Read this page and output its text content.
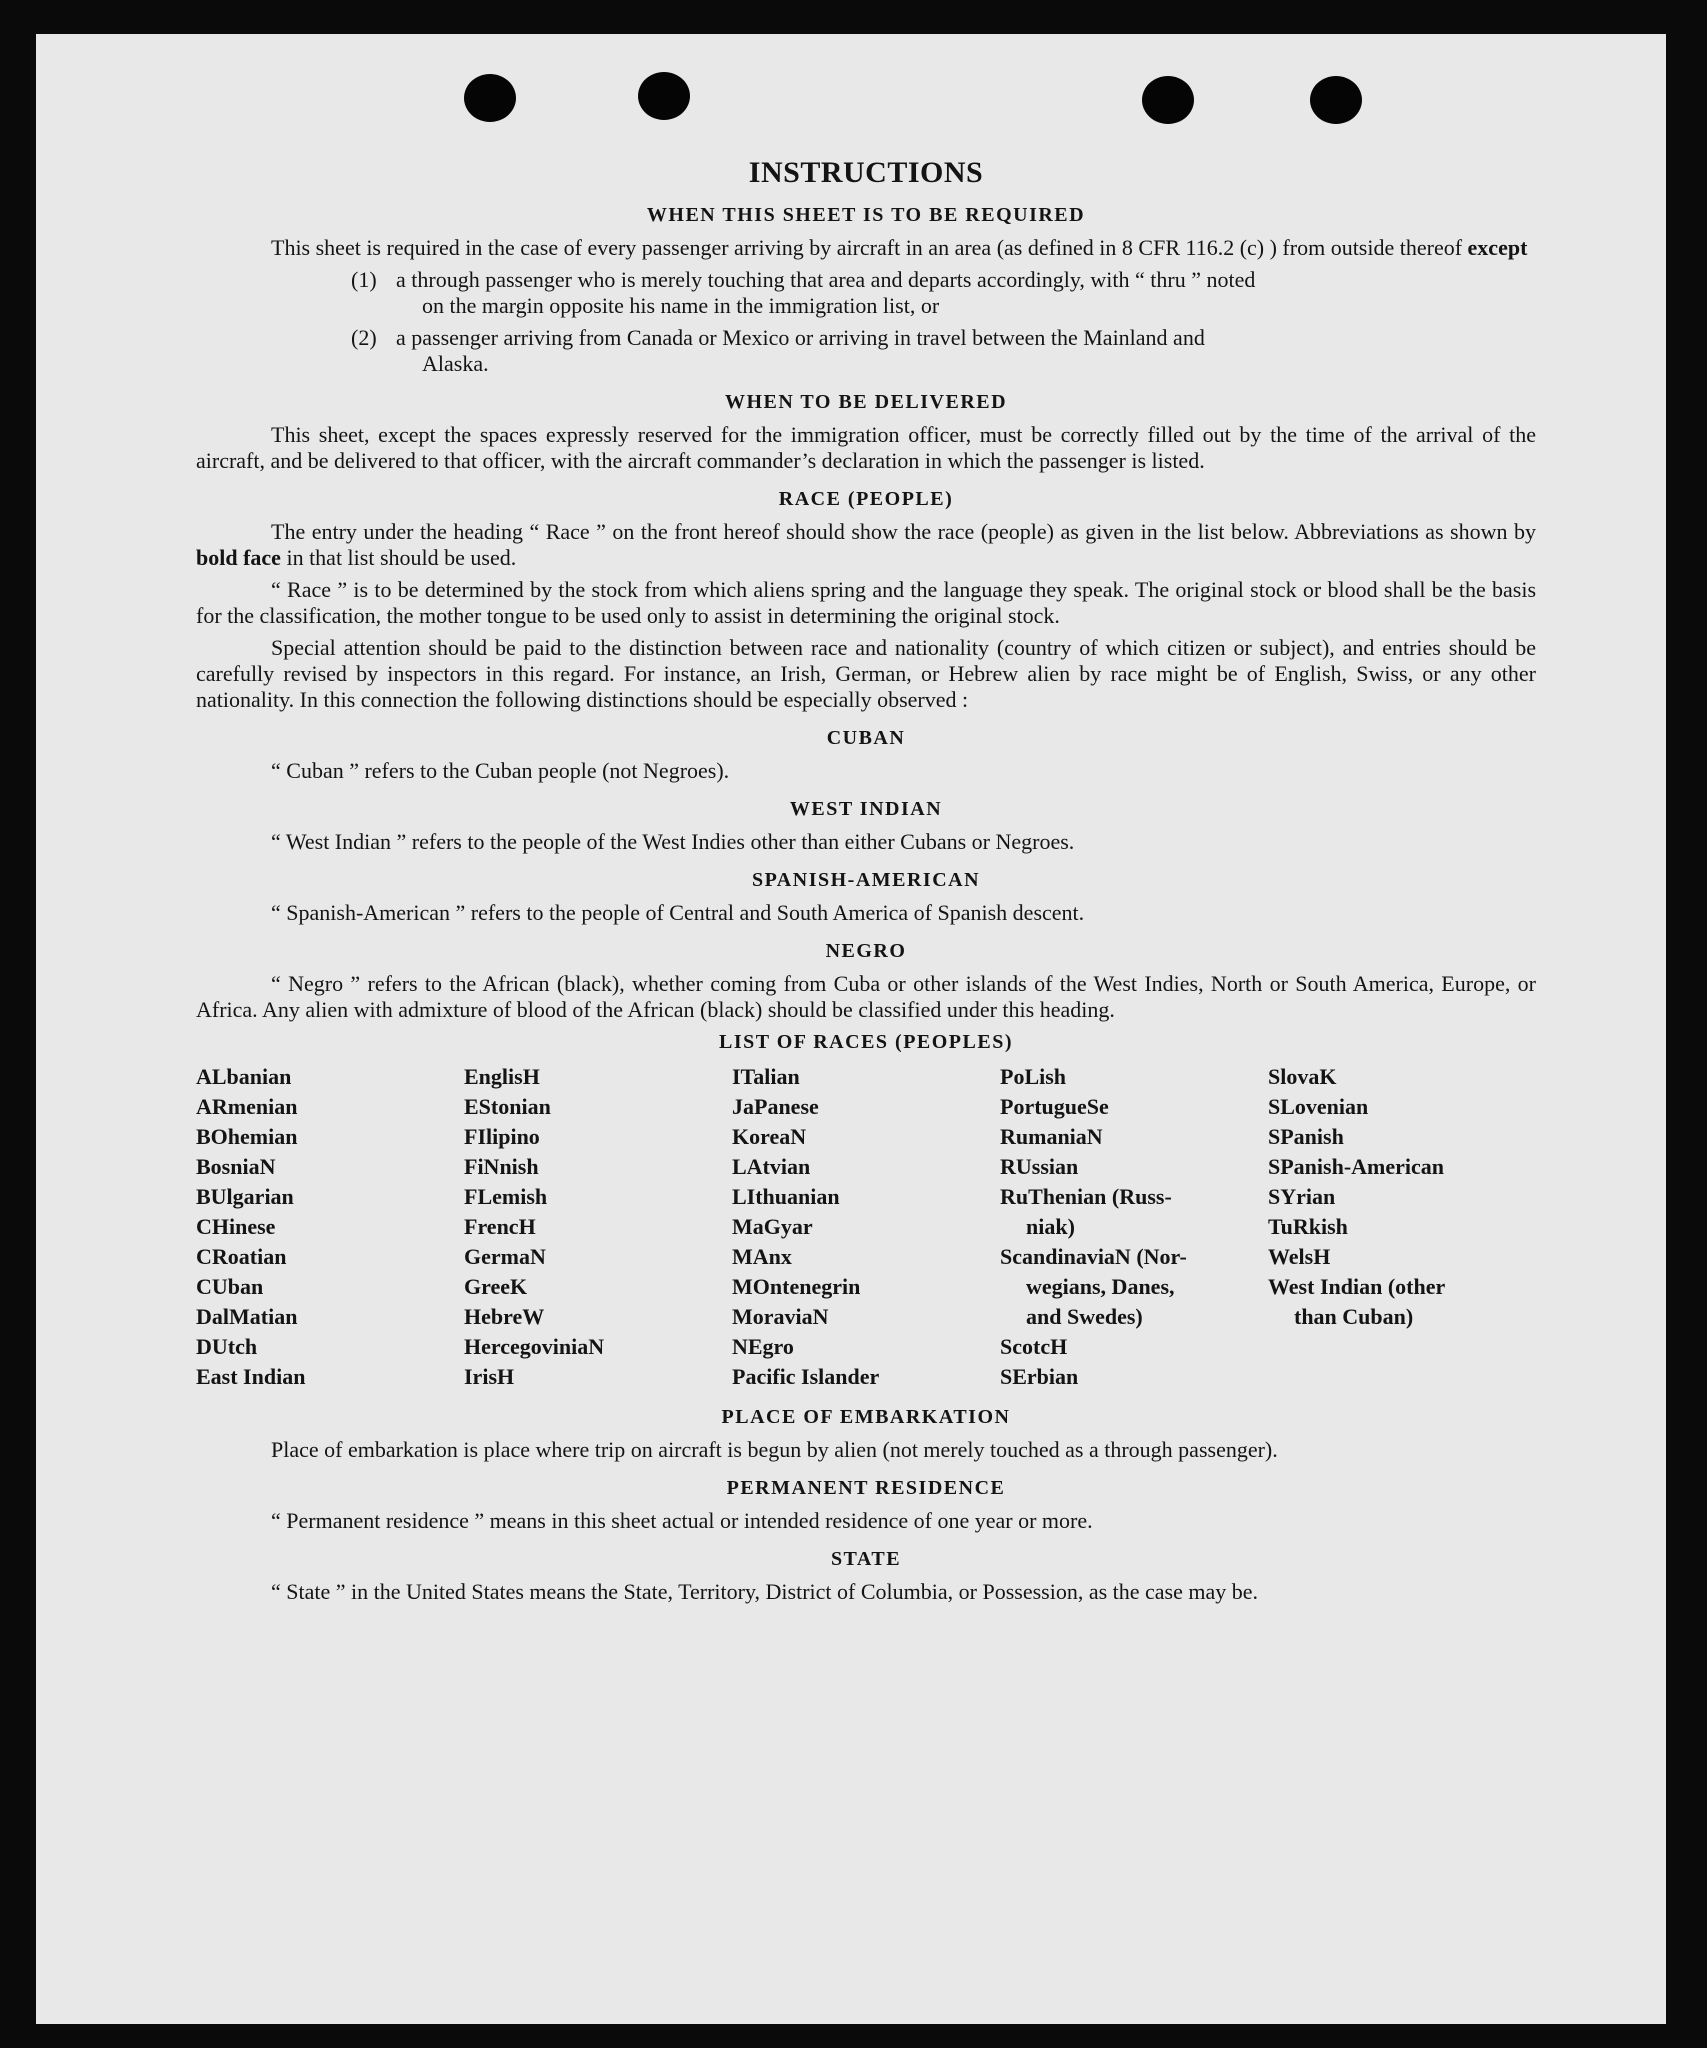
INSTRUCTIONS
WHEN THIS SHEET IS TO BE REQUIRED

This sheet is required in the case of every passenger arriving by aircraft in an area (as defined in 8 CFR 116.2 (c) ) from outside thereof except

(1) a through passenger who is merely touching that area and departs accordingly, with “ thru ” noted
on the margin opposite his name in the immigration list, or
(2) a passenger arriving from Canada or Mexico or arriving in travel between the Mainland and
Alaska.
WHEN TO BE DELIVERED

This sheet, except the spaces expressly reserved for the immigration officer, must be correctly filled out by the time of the arrival of the aircraft, and be delivered to that officer, with the aircraft commander’s declaration in which the passenger is listed.

RACE (PEOPLE)

The entry under the heading “ Race ” on the front hereof should show the race (people) as given in the list below. Abbreviations as shown by bold face in that list should be used.

“ Race ” is to be determined by the stock from which aliens spring and the language they speak. The original stock or blood shall be the basis for the classification, the mother tongue to be used only to assist in determining the original stock.

Special attention should be paid to the distinction between race and nationality (country of which citizen or subject), and entries should be carefully revised by inspectors in this regard. For instance, an Irish, German, or Hebrew alien by race might be of English, Swiss, or any other nationality. In this connection the following distinctions should be especially observed :

CUBAN

“ Cuban ” refers to the Cuban people (not Negroes).

WEST INDIAN

“ West Indian ” refers to the people of the West Indies other than either Cubans or Negroes.

SPANISH-AMERICAN

“ Spanish-American ” refers to the people of Central and South America of Spanish descent.

NEGRO

“ Negro ” refers to the African (black), whether coming from Cuba or other islands of the West Indies, North or South America, Europe, or Africa. Any alien with admixture of blood of the African (black) should be classified under this heading.

LIST OF RACES (PEOPLES)
ALbanian
ARmenian
BOhemian
BosniaN
BUlgarian
CHinese
CRoatian
CUban
DalMatian
DUtch
East Indian
EnglisH
EStonian
FIlipino
FiNnish
FLemish
FrencH
GermaN
GreeK
HebreW
HercegoviniaN
IrisH
ITalian
JaPanese
KoreaN
LAtvian
LIthuanian
MaGyar
MAnx
MOntenegrin
MoraviaN
NEgro
Pacific Islander
PoLish
PortugueSe
RumaniaN
RUssian
RuThenian (Russ-
niak)
ScandinaviaN (Nor-
wegians, Danes,
and Swedes)
ScotcH
SErbian
SlovaK
SLovenian
SPanish
SPanish-American
SYrian
TuRkish
WelsH
West Indian (other
than Cuban)
PLACE OF EMBARKATION

Place of embarkation is place where trip on aircraft is begun by alien (not merely touched as a through passenger).

PERMANENT RESIDENCE

“ Permanent residence ” means in this sheet actual or intended residence of one year or more.

STATE

“ State ” in the United States means the State, Territory, District of Columbia, or Possession, as the case may be.
